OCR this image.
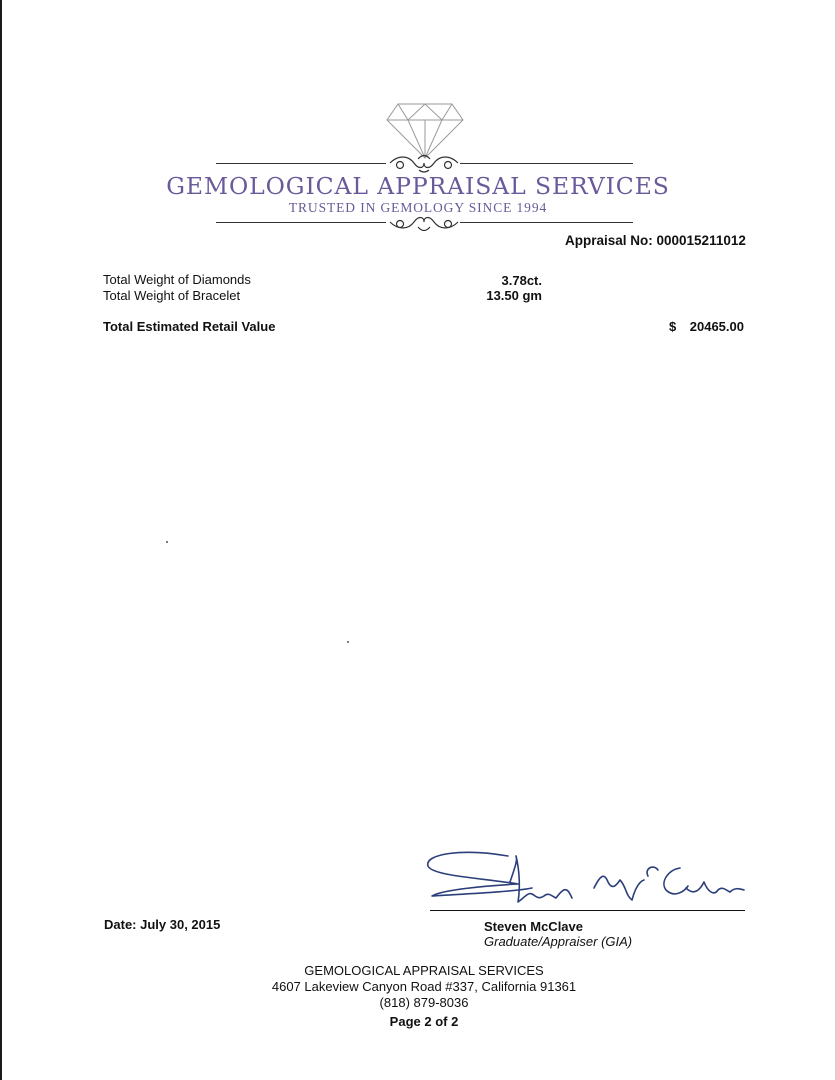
GEMOLOGICAL APPRAISAL SERVICES
TRUSTED IN GEMOLOGY SINCE 1994
Appraisal No: 000015211012
Total Weight of Diamonds	3.78ct.
Total Weight of Bracelet	13.50 gm
Total Estimated Retail Value	$	20465.00
Date: July 30, 2015	Steven McClave
Graduate/Appraiser (GIA)
GEMOLOGICAL APPRAISAL SERVICES
4607 Lakeview Canyon Road #337, California 91361
(818) 879-8036
Page 2 of 2
